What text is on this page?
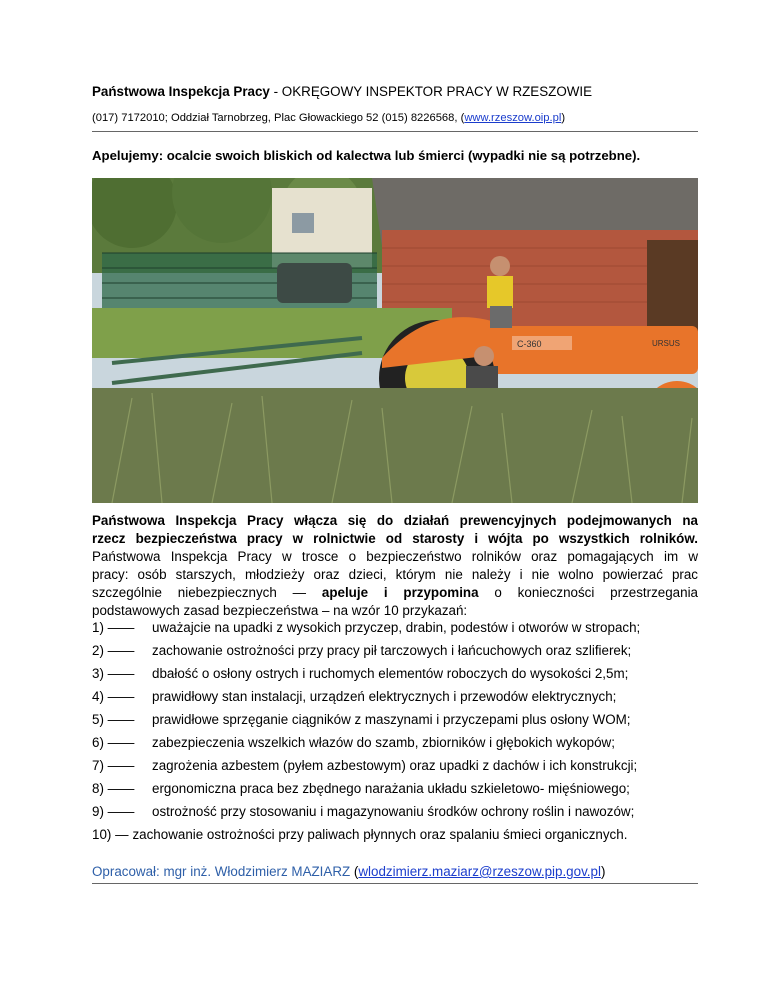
Państwowa Inspekcja Pracy - OKRĘGOWY INSPEKTOR PRACY W RZESZOWIE
(017) 7172010; Oddział Tarnobrzeg, Plac Głowackiego 52 (015) 8226568, (www.rzeszow.oip.pl)
Apelujemy: ocalcie swoich bliskich od kalectwa lub śmierci (wypadki nie są potrzebne).
C-360	URSUS
Państwowa Inspekcja Pracy włącza się do działań prewencyjnych podejmowanych na
rzecz bezpieczeństwa pracy w rolnictwie od starosty i wójta po wszystkich rolników.
Państwowa Inspekcja Pracy w trosce o bezpieczeństwo rolników oraz pomagających im w
pracy: osób starszych, młodzieży oraz dzieci, którym nie należy i nie wolno powierzać prac
szczególnie niebezpiecznych — apeluje i przypomina o konieczności przestrzegania
podstawowych zasad bezpieczeństwa – na wzór 10 przykazań:
1) ——	uważajcie na upadki z wysokich przyczep, drabin, podestów i otworów w stropach;
2) ——	zachowanie ostrożności przy pracy pił tarczowych i łańcuchowych oraz szlifierek;
3) ——	dbałość o osłony ostrych i ruchomych elementów roboczych do wysokości 2,5m;
4) ——	prawidłowy stan instalacji, urządzeń elektrycznych i przewodów elektrycznych;
5) ——	prawidłowe sprzęganie ciągników z maszynami i przyczepami plus osłony WOM;
6) ——	zabezpieczenia wszelkich włazów do szamb, zbiorników i głębokich wykopów;
7) ——	zagrożenia azbestem (pyłem azbestowym) oraz upadki z dachów i ich konstrukcji;
8) ——	ergonomiczna praca bez zbędnego narażania układu szkieletowo- mięśniowego;
9) ——	ostrożność przy stosowaniu i magazynowaniu środków ochrony roślin i nawozów;
10) — zachowanie ostrożności przy paliwach płynnych oraz spalaniu śmieci organicznych.
Opracował: mgr inż. Włodzimierz MAZIARZ (wlodzimierz.maziarz@rzeszow.pip.gov.pl)
